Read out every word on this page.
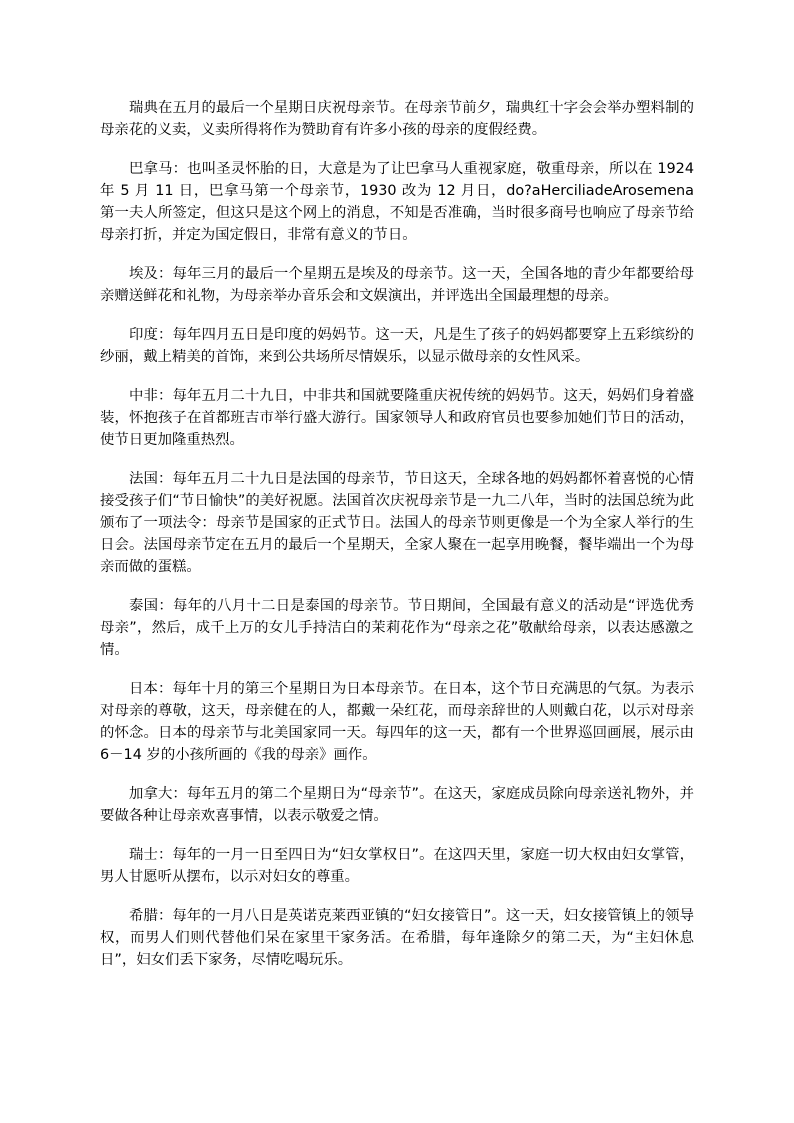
瑞典在五月的最后一个星期日庆祝母亲节。在母亲节前夕，瑞典红十字会会举办塑料制的母亲花的义卖，义卖所得将作为赞助育有许多小孩的母亲的度假经费。

巴拿马：也叫圣灵怀胎的日，大意是为了让巴拿马人重视家庭，敬重母亲，所以在 1924 年 5 月 11 日，巴拿马第一个母亲节，1930 改为 12 月日，do?aHerciliadeArosemena 第一夫人所签定，但这只是这个网上的消息，不知是否准确，当时很多商号也响应了母亲节给母亲打折，并定为国定假日，非常有意义的节日。

埃及：每年三月的最后一个星期五是埃及的母亲节。这一天，全国各地的青少年都要给母亲赠送鲜花和礼物，为母亲举办音乐会和文娱演出，并评选出全国最理想的母亲。

印度：每年四月五日是印度的妈妈节。这一天，凡是生了孩子的妈妈都要穿上五彩缤纷的纱丽，戴上精美的首饰，来到公共场所尽情娱乐，以显示做母亲的女性风采。

中非：每年五月二十九日，中非共和国就要隆重庆祝传统的妈妈节。这天，妈妈们身着盛装，怀抱孩子在首都班吉市举行盛大游行。国家领导人和政府官员也要参加她们节日的活动，使节日更加隆重热烈。

法国：每年五月二十九日是法国的母亲节，节日这天，全球各地的妈妈都怀着喜悦的心情接受孩子们“节日愉快”的美好祝愿。法国首次庆祝母亲节是一九二八年，当时的法国总统为此颁布了一项法令：母亲节是国家的正式节日。法国人的母亲节则更像是一个为全家人举行的生日会。法国母亲节定在五月的最后一个星期天，全家人聚在一起享用晚餐，餐毕端出一个为母亲而做的蛋糕。

泰国：每年的八月十二日是泰国的母亲节。节日期间，全国最有意义的活动是“评选优秀母亲”，然后，成千上万的女儿手持洁白的茉莉花作为“母亲之花”敬献给母亲，以表达感激之情。

日本：每年十月的第三个星期日为日本母亲节。在日本，这个节日充满思的气氛。为表示对母亲的尊敬，这天，母亲健在的人，都戴一朵红花，而母亲辞世的人则戴白花，以示对母亲的怀念。日本的母亲节与北美国家同一天。每四年的这一天，都有一个世界巡回画展，展示由 6－14 岁的小孩所画的《我的母亲》画作。

加拿大：每年五月的第二个星期日为“母亲节”。在这天，家庭成员除向母亲送礼物外，并要做各种让母亲欢喜事情，以表示敬爱之情。

瑞士：每年的一月一日至四日为“妇女掌权日”。在这四天里，家庭一切大权由妇女掌管，男人甘愿听从摆布，以示对妇女的尊重。

希腊：每年的一月八日是英诺克莱西亚镇的“妇女接管日”。这一天，妇女接管镇上的领导权，而男人们则代替他们呆在家里干家务活。在希腊，每年逢除夕的第二天，为“主妇休息日”，妇女们丢下家务，尽情吃喝玩乐。
